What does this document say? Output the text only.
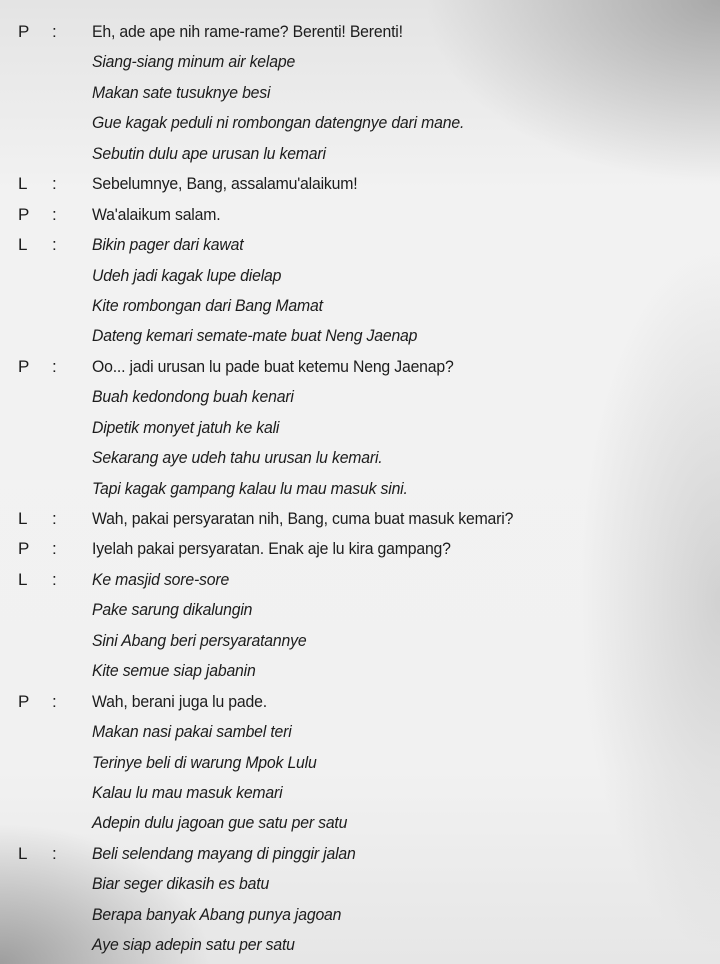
P	: Eh, ade ape nih rame-rame? Berenti! Berenti!
Siang-siang minum air kelape
Makan sate tusuknye besi
Gue kagak peduli ni rombongan datengnye dari mane.
Sebutin dulu ape urusan lu kemari
L	: Sebelumnye, Bang, assalamu'alaikum!
P	: Wa'alaikum salam.
L	: Bikin pager dari kawat
Udeh jadi kagak lupe dielap
Kite rombongan dari Bang Mamat
Dateng kemari semate-mate buat Neng Jaenap
P	: Oo... jadi urusan lu pade buat ketemu Neng Jaenap?
Buah kedondong buah kenari
Dipetik monyet jatuh ke kali
Sekarang aye udeh tahu urusan lu kemari.
Tapi kagak gampang kalau lu mau masuk sini.
L	: Wah, pakai persyaratan nih, Bang, cuma buat masuk kemari?
P	: Iyelah pakai persyaratan. Enak aje lu kira gampang?
L	: Ke masjid sore-sore
Pake sarung dikalungin
Sini Abang beri persyaratannye
Kite semue siap jabanin
P	: Wah, berani juga lu pade.
Makan nasi pakai sambel teri
Terinye beli di warung Mpok Lulu
Kalau lu mau masuk kemari
Adepin dulu jagoan gue satu per satu
L	: Beli selendang mayang di pinggir jalan
Biar seger dikasih es batu
Berapa banyak Abang punya jagoan
Aye siap adepin satu per satu
